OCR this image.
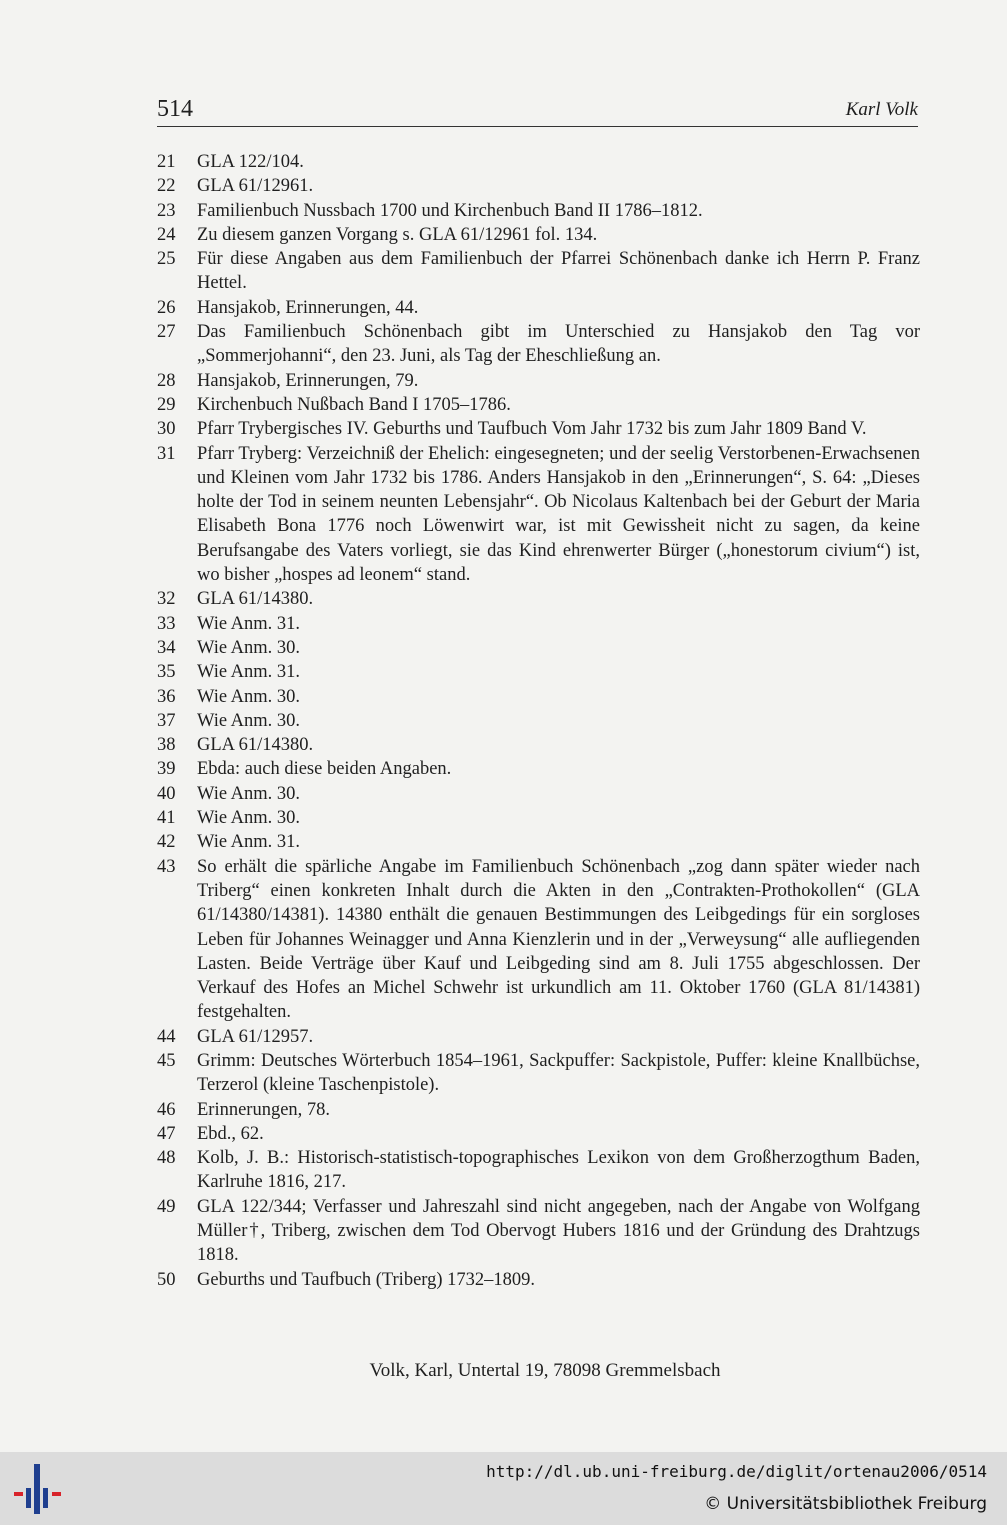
514	Karl Volk
21	GLA 122/104.
22	GLA 61/12961.
23	Familienbuch Nussbach 1700 und Kirchenbuch Band II 1786–1812.
24	Zu diesem ganzen Vorgang s. GLA 61/12961 fol. 134.
25	Für diese Angaben aus dem Familienbuch der Pfarrei Schönenbach danke ich Herrn P. Franz Hettel.
26	Hansjakob, Erinnerungen, 44.
27	Das Familienbuch Schönenbach gibt im Unterschied zu Hansjakob den Tag vor „Sommerjohanni“, den 23. Juni, als Tag der Eheschließung an.
28	Hansjakob, Erinnerungen, 79.
29	Kirchenbuch Nußbach Band I 1705–1786.
30	Pfarr Trybergisches IV. Geburths und Taufbuch Vom Jahr 1732 bis zum Jahr 1809 Band V.
31	Pfarr Tryberg: Verzeichniß der Ehelich: eingesegneten; und der seelig Verstorbenen-Erwachsenen und Kleinen vom Jahr 1732 bis 1786. Anders Hansjakob in den „Erinnerungen“, S. 64: „Dieses holte der Tod in seinem neunten Lebensjahr“. Ob Nicolaus Kaltenbach bei der Geburt der Maria Elisabeth Bona 1776 noch Löwenwirt war, ist mit Gewissheit nicht zu sagen, da keine Berufsangabe des Vaters vorliegt, sie das Kind ehrenwerter Bürger („honestorum civium“) ist, wo bisher „hospes ad leonem“ stand.
32	GLA 61/14380.
33	Wie Anm. 31.
34	Wie Anm. 30.
35	Wie Anm. 31.
36	Wie Anm. 30.
37	Wie Anm. 30.
38	GLA 61/14380.
39	Ebda: auch diese beiden Angaben.
40	Wie Anm. 30.
41	Wie Anm. 30.
42	Wie Anm. 31.
43	So erhält die spärliche Angabe im Familienbuch Schönenbach „zog dann später wieder nach Triberg“ einen konkreten Inhalt durch die Akten in den „Contrakten-Prothokollen“ (GLA 61/14380/14381). 14380 enthält die genauen Bestimmungen des Leibgedings für ein sorgloses Leben für Johannes Weinagger und Anna Kienzlerin und in der „Verweysung“ alle aufliegenden Lasten. Beide Verträge über Kauf und Leibgeding sind am 8. Juli 1755 abgeschlossen. Der Verkauf des Hofes an Michel Schwehr ist urkundlich am 11. Oktober 1760 (GLA 81/14381) festgehalten.
44	GLA 61/12957.
45	Grimm: Deutsches Wörterbuch 1854–1961, Sackpuffer: Sackpistole, Puffer: kleine Knallbüchse, Terzerol (kleine Taschenpistole).
46	Erinnerungen, 78.
47	Ebd., 62.
48	Kolb, J. B.: Historisch-statistisch-topographisches Lexikon von dem Großherzogthum Baden, Karlruhe 1816, 217.
49	GLA 122/344; Verfasser und Jahreszahl sind nicht angegeben, nach der Angabe von Wolfgang Müller†, Triberg, zwischen dem Tod Obervogt Hubers 1816 und der Gründung des Drahtzugs 1818.
50	Geburths und Taufbuch (Triberg) 1732–1809.
Volk, Karl, Untertal 19, 78098 Gremmelsbach
http://dl.ub.uni-freiburg.de/diglit/ortenau2006/0514
© Universitätsbibliothek Freiburg
